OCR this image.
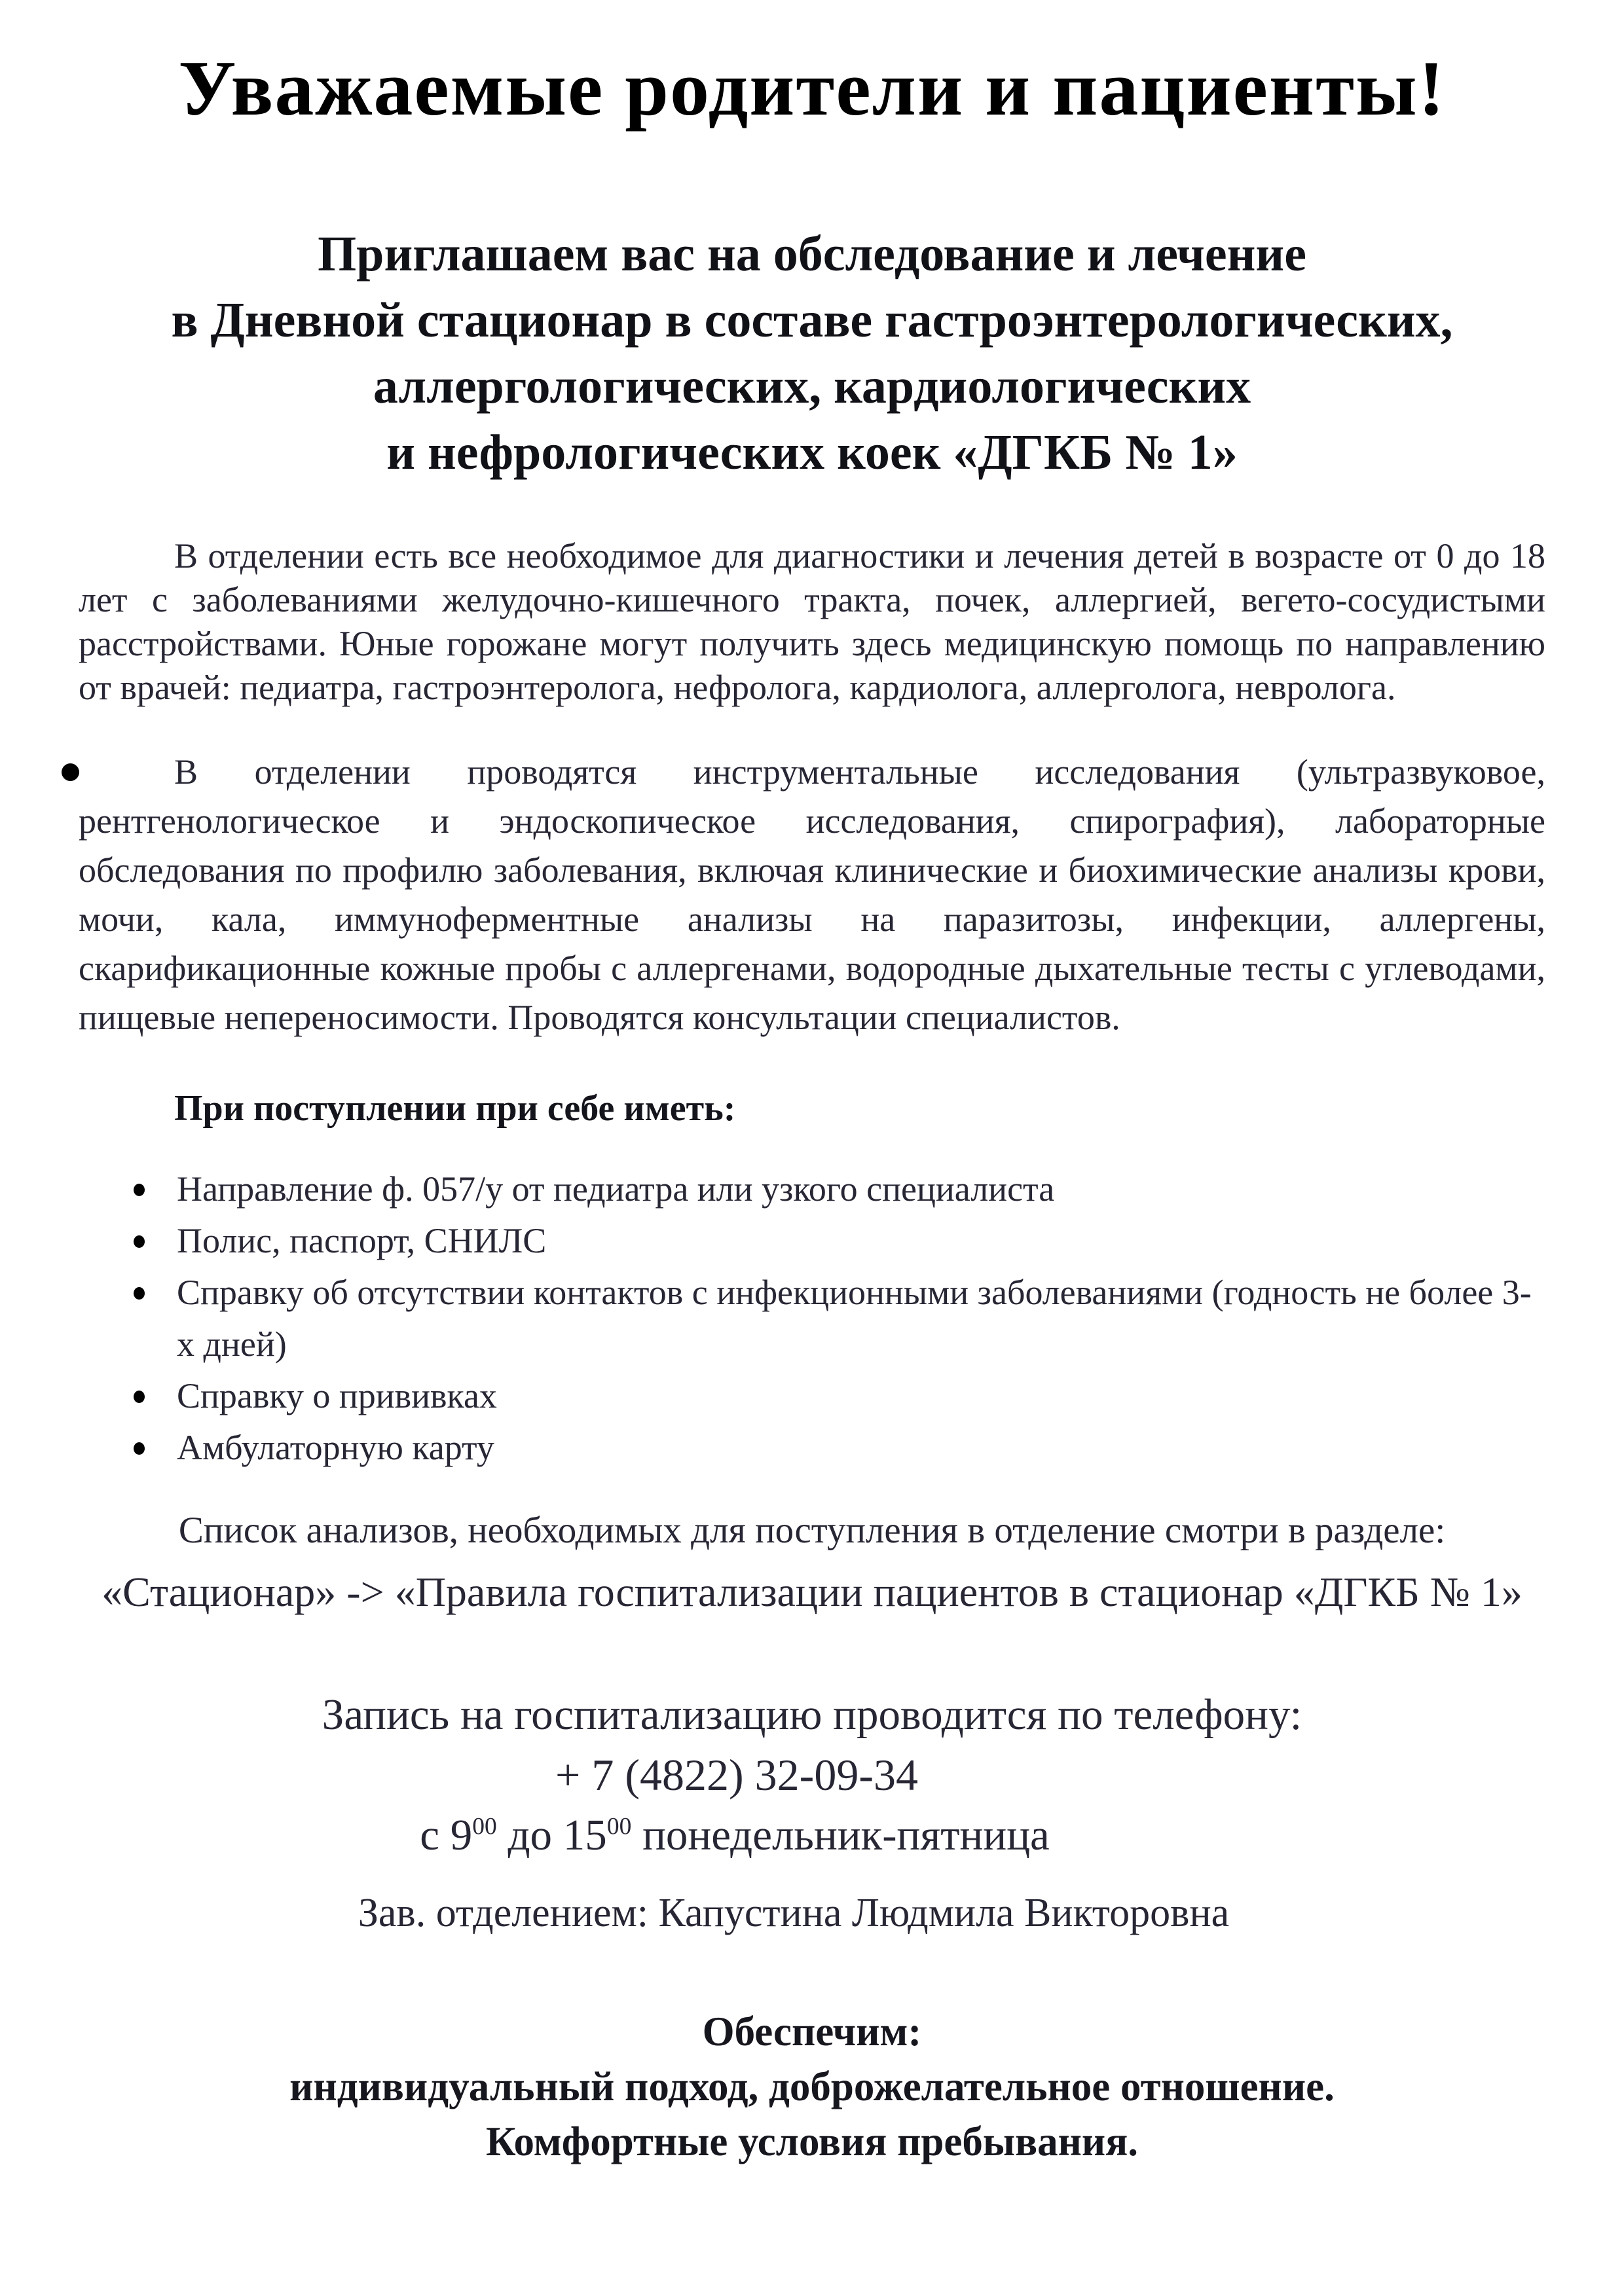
Уважаемые родители и пациенты!
Приглашаем вас на обследование и лечение
в Дневной стационар в составе гастроэнтерологических,
аллергологических, кардиологических
и нефрологических коек «ДГКБ № 1»

В отделении есть все необходимое для диагностики и лечения детей в возрасте от 0 до 18 лет с заболеваниями желудочно-кишечного тракта, почек, аллергией, вегето-сосудистыми расстройствами. Юные горожане могут получить здесь медицинскую помощь по направлению от врачей: педиатра, гастроэнтеролога, нефролога, кардиолога, аллерголога, невролога.

В отделении проводятся инструментальные исследования (ультразвуковое, рентгенологическое и эндоскопическое исследования, спирография), лабораторные обследования по профилю заболевания, включая клинические и биохимические анализы крови, мочи, кала, иммуноферментные анализы на паразитозы, инфекции, аллергены, скарификационные кожные пробы с аллергенами, водородные дыхательные тесты с углеводами, пищевые непереносимости. Проводятся консультации специалистов.
При поступлении при себе иметь:
Направление ф. 057/у от педиатра или узкого специалиста
Полис, паспорт, СНИЛС
Справку об отсутствии контактов с инфекционными заболеваниями (годность не более 3-х дней)
Справку о прививках
Амбулаторную карту
Список анализов, необходимых для поступления в отделение смотри в разделе:
«Стационар» -> «Правила госпитализации пациентов в стационар «ДГКБ № 1»
Запись на госпитализацию проводится по телефону:
+ 7 (4822) 32-09-34
с $9^{00}$ до $15^{00}$ понедельник-пятница
Зав. отделением: Капустина Людмила Викторовна
Обеспечим:
индивидуальный подход, доброжелательное отношение.
Комфортные условия пребывания.
